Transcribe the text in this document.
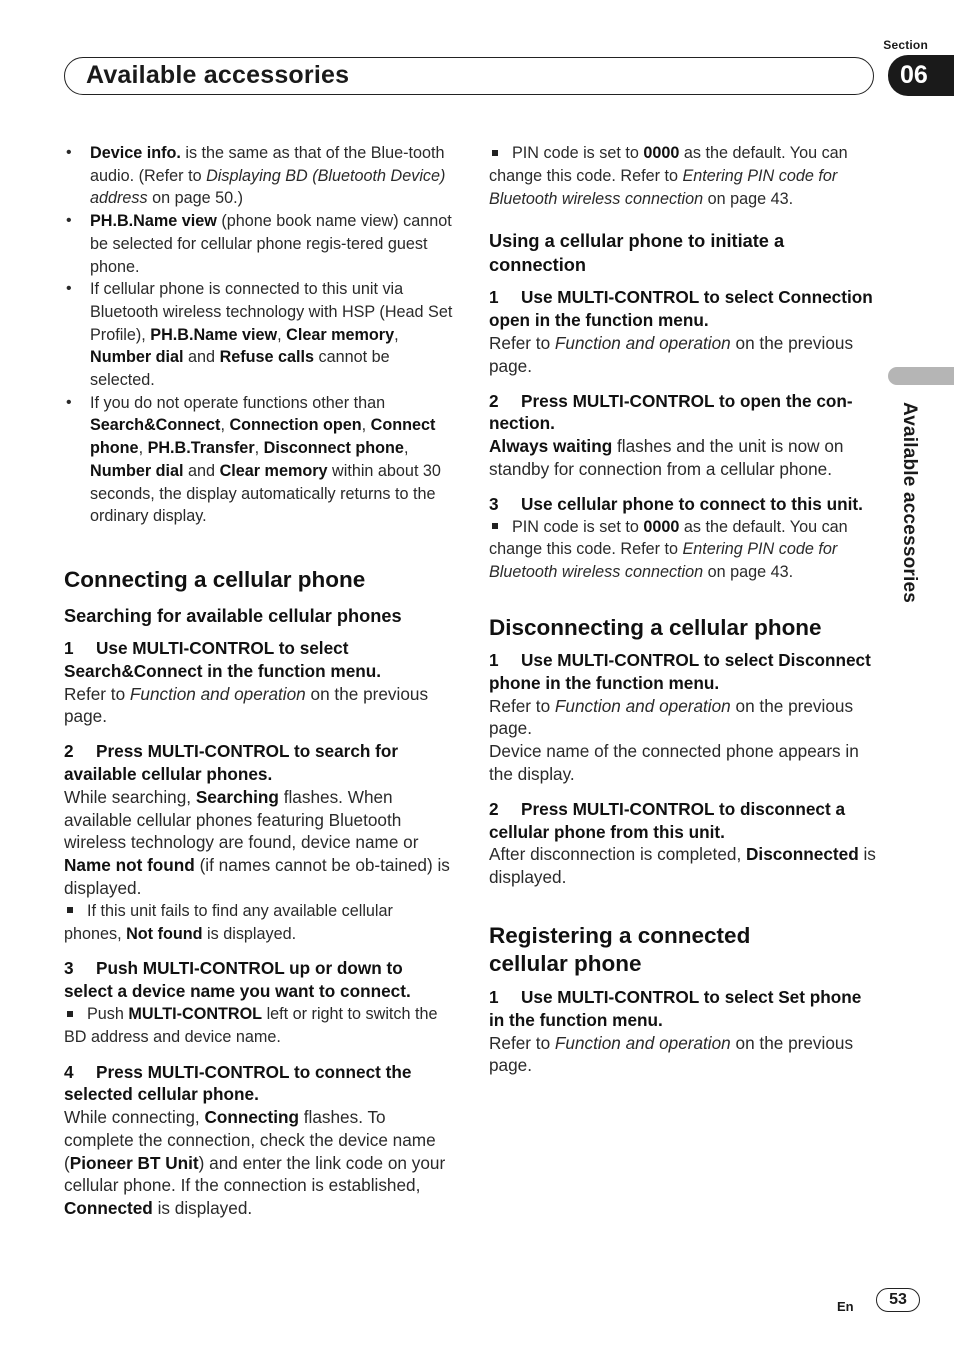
Section
Available accessories	06
Available accessories
• Device info. is the same as that of the Blue-tooth audio. (Refer to Displaying BD (Bluetooth Device) address on page 50.)
• PH.B.Name view (phone book name view) cannot be selected for cellular phone regis-tered guest phone.
• If cellular phone is connected to this unit via Bluetooth wireless technology with HSP (Head Set Profile), PH.B.Name view, Clear memory, Number dial and Refuse calls cannot be selected.
• If you do not operate functions other than Search&Connect, Connection open, Connect phone, PH.B.Transfer, Disconnect phone, Number dial and Clear memory within about 30 seconds, the display automatically returns to the ordinary display.
Connecting a cellular phone
Searching for available cellular phones

1 Use MULTI-CONTROL to select Search&Connect in the function menu.

Refer to Function and operation on the previous page.

2 Press MULTI-CONTROL to search for available cellular phones.

While searching, Searching flashes. When available cellular phones featuring Bluetooth wireless technology are found, device name or Name not found (if names cannot be ob-tained) is displayed.

If this unit fails to find any available cellular phones, Not found is displayed.

3 Push MULTI-CONTROL up or down to select a device name you want to connect.

Push MULTI-CONTROL left or right to switch the BD address and device name.

4 Press MULTI-CONTROL to connect the selected cellular phone.

While connecting, Connecting flashes. To complete the connection, check the device name (Pioneer BT Unit) and enter the link code on your cellular phone. If the connection is established, Connected is displayed.

PIN code is set to 0000 as the default. You can change this code. Refer to Entering PIN code for Bluetooth wireless connection on page 43.

Using a cellular phone to initiate a connection

1 Use MULTI-CONTROL to select Connection open in the function menu.

Refer to Function and operation on the previous page.

2 Press MULTI-CONTROL to open the con-nection.

Always waiting flashes and the unit is now on standby for connection from a cellular phone.

3 Use cellular phone to connect to this unit.

PIN code is set to 0000 as the default. You can change this code. Refer to Entering PIN code for Bluetooth wireless connection on page 43.

Disconnecting a cellular phone

1 Use MULTI-CONTROL to select Disconnect phone in the function menu.

Refer to Function and operation on the previous page.

Device name of the connected phone appears in the display.

2 Press MULTI-CONTROL to disconnect a cellular phone from this unit.

After disconnection is completed, Disconnected is displayed.

Registering a connected cellular phone

1 Use MULTI-CONTROL to select Set phone in the function menu.

Refer to Function and operation on the previous page.

En	53
